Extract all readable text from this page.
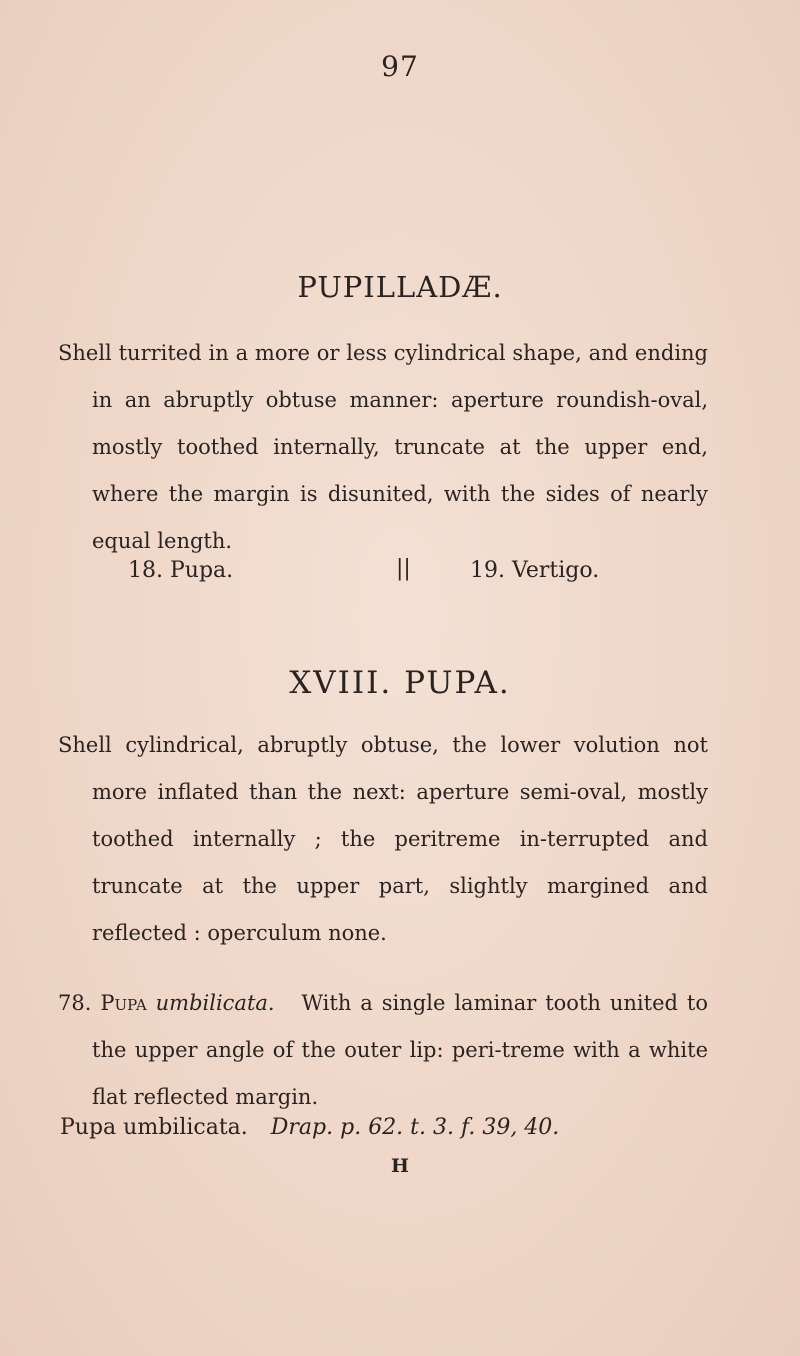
97
PUPILLADÆ.
Shell turrited in a more or less cylindrical shape, and ending in an abruptly obtuse manner: aperture roundish-oval, mostly toothed internally, truncate at the upper end, where the margin is disunited, with the sides of nearly equal length.
18. Pupa.	||	19. Vertigo.
XVIII. PUPA.
Shell cylindrical, abruptly obtuse, the lower volution not more inflated than the next: aperture semi-oval, mostly toothed internally ; the peritreme in-terrupted and truncate at the upper part, slightly margined and reflected : operculum none.
78. Pupa umbilicata. With a single laminar tooth united to the upper angle of the outer lip: peri-treme with a white flat reflected margin.
Pupa umbilicata. Drap. p. 62. t. 3. f. 39, 40.
H
